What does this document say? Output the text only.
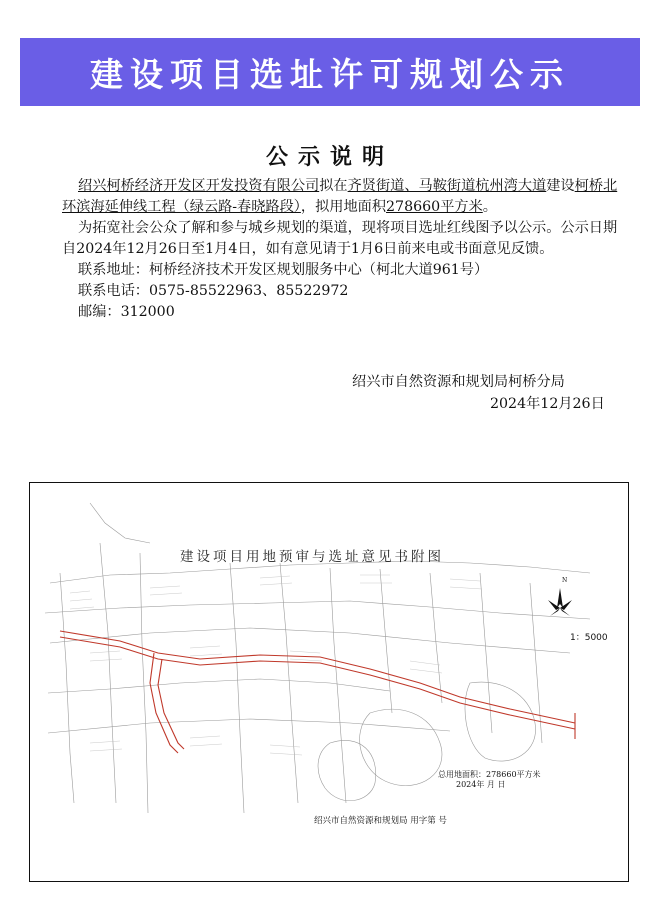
建设项目选址许可规划公示
公示说明

绍兴柯桥经济开发区开发投资有限公司拟在齐贤街道、马鞍街道杭州湾大道建设柯桥北环滨海延伸线工程（绿云路-春晓路段），拟用地面积278660平方米。

为拓宽社会公众了解和参与城乡规划的渠道，现将项目选址红线图予以公示。公示日期自2024年12月26日至1月4日，如有意见请于1月6日前来电或书面意见反馈。

联系地址：柯桥经济技术开发区规划服务中心（柯北大道961号）

联系电话：0575-85522963、85522972

邮编：312000

绍兴市自然资源和规划局柯桥分局
2024年12月26日
建设项目用地预审与选址意见书附图
N
1：5000
总用地面积：278660平方米
2024年 月 日
绍兴市自然资源和规划局 用字第 号
